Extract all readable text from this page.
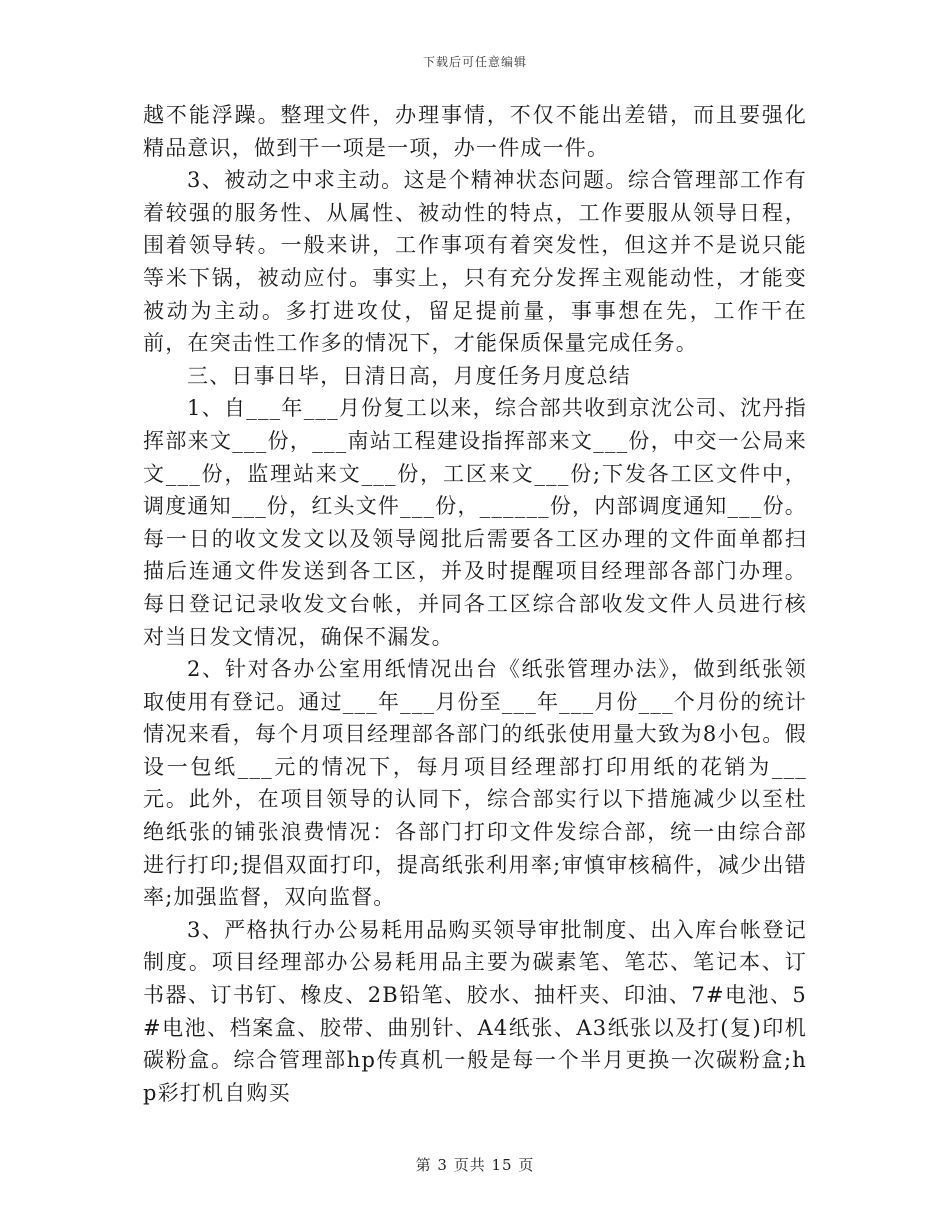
下载后可任意编辑

越不能浮躁。整理文件，办理事情，不仅不能出差错，而且要强化精品意识，做到干一项是一项，办一件成一件。

3、被动之中求主动。这是个精神状态问题。综合管理部工作有着较强的服务性、从属性、被动性的特点，工作要服从领导日程，围着领导转。一般来讲，工作事项有着突发性，但这并不是说只能等米下锅，被动应付。事实上，只有充分发挥主观能动性，才能变被动为主动。多打进攻仗，留足提前量，事事想在先，工作干在前，在突击性工作多的情况下，才能保质保量完成任务。

三、日事日毕，日清日高，月度任务月度总结

1、自___年___月份复工以来，综合部共收到京沈公司、沈丹指挥部来文___份，___南站工程建设指挥部来文___份，中交一公局来文___份，监理站来文___份，工区来文___份;下发各工区文件中，调度通知___份，红头文件___份，______份，内部调度通知___份。每一日的收文发文以及领导阅批后需要各工区办理的文件面单都扫描后连通文件发送到各工区，并及时提醒项目经理部各部门办理。每日登记记录收发文台帐，并同各工区综合部收发文件人员进行核对当日发文情况，确保不漏发。

2、针对各办公室用纸情况出台《纸张管理办法》，做到纸张领取使用有登记。通过___年___月份至___年___月份___个月份的统计情况来看，每个月项目经理部各部门的纸张使用量大致为8小包。假设一包纸___元的情况下，每月项目经理部打印用纸的花销为___元。此外，在项目领导的认同下，综合部实行以下措施减少以至杜绝纸张的铺张浪费情况：各部门打印文件发综合部，统一由综合部进行打印;提倡双面打印，提高纸张利用率;审慎审核稿件，减少出错率;加强监督，双向监督。

3、严格执行办公易耗用品购买领导审批制度、出入库台帐登记制度。项目经理部办公易耗用品主要为碳素笔、笔芯、笔记本、订书器、订书钉、橡皮、2B铅笔、胶水、抽杆夹、印油、7#电池、5#电池、档案盒、胶带、曲别针、A4纸张、A3纸张以及打(复)印机碳粉盒。综合管理部hp传真机一般是每一个半月更换一次碳粉盒;hp彩打机自购买

第 3 页共 15 页
